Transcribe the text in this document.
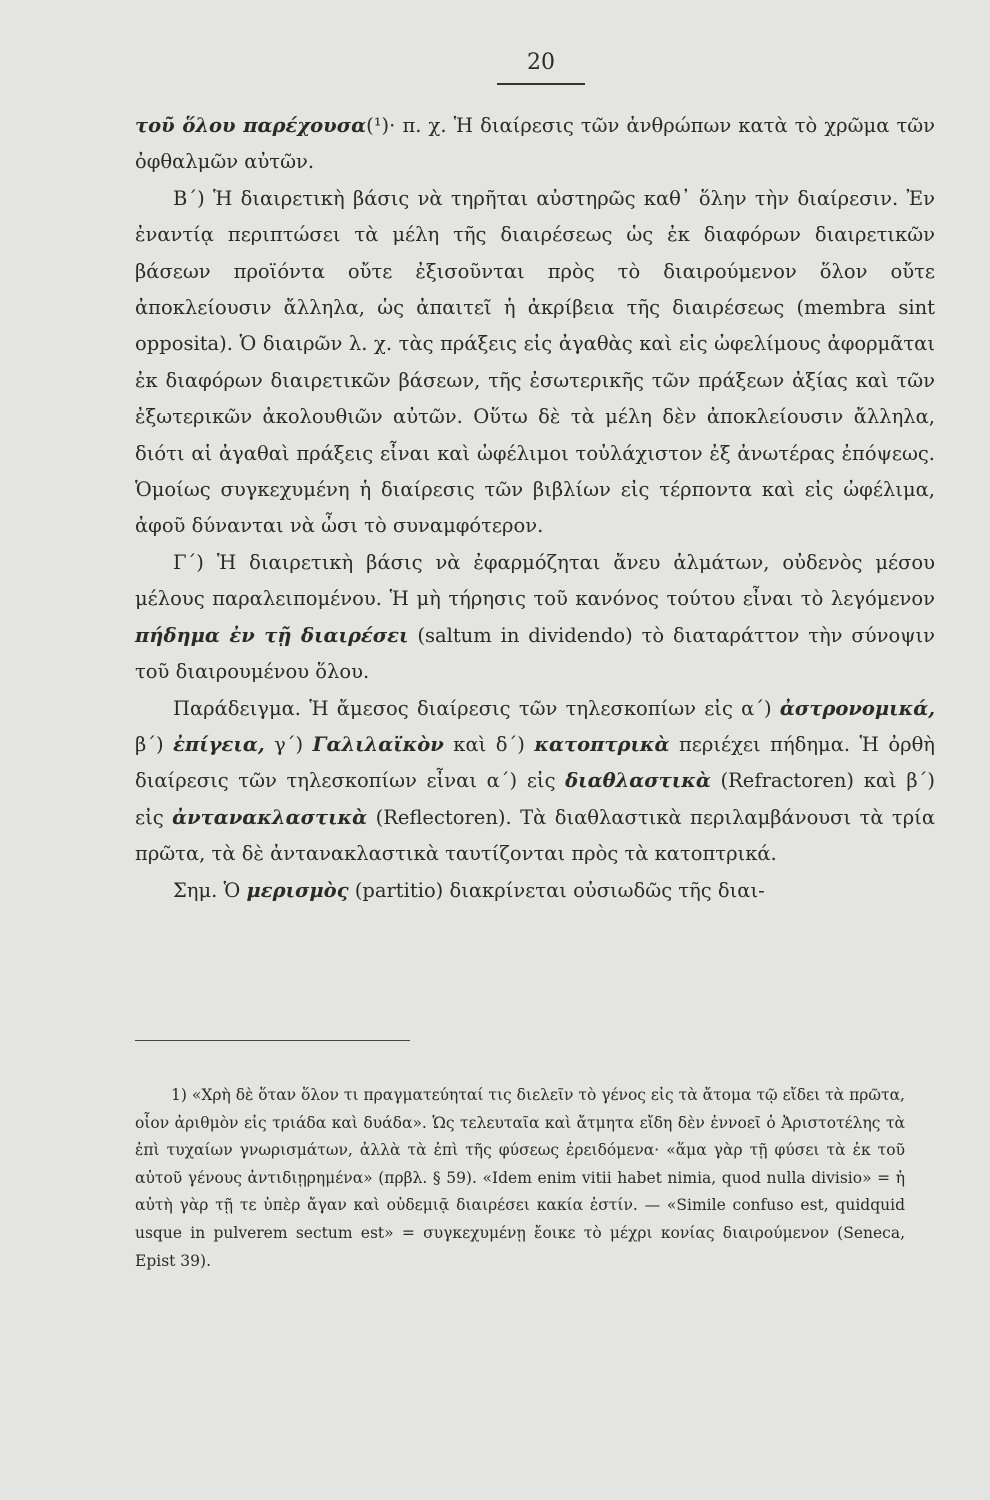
20

τοῦ ὅλου παρέχουσα(¹)· π. χ. Ἡ διαίρεσις τῶν ἀνθρώπων κατὰ τὸ χρῶμα τῶν ὀφθαλμῶν αὐτῶν.

Β΄) Ἡ διαιρετικὴ βάσις νὰ τηρῆται αὐστηρῶς καθ᾽ ὅλην τὴν διαίρεσιν. Ἐν ἐναντίᾳ περιπτώσει τὰ μέλη τῆς διαιρέσεως ὡς ἐκ διαφόρων διαιρετικῶν βάσεων προϊόντα οὔτε ἐξισοῦνται πρὸς τὸ διαιρούμενον ὅλον οὔτε ἀποκλείουσιν ἄλληλα, ὡς ἀπαιτεῖ ἡ ἀκρίβεια τῆς διαιρέσεως (membra sint opposita). Ὁ διαιρῶν λ. χ. τὰς πράξεις εἰς ἀγαθὰς καὶ εἰς ὠφελίμους ἀφορμᾶται ἐκ διαφόρων διαιρετικῶν βάσεων, τῆς ἐσωτερικῆς τῶν πράξεων ἀξίας καὶ τῶν ἐξωτερικῶν ἀκολουθιῶν αὐτῶν. Οὕτω δὲ τὰ μέλη δὲν ἀποκλείουσιν ἄλληλα, διότι αἱ ἀγαθαὶ πράξεις εἶναι καὶ ὠφέλιμοι τοὐλάχιστον ἐξ ἀνωτέρας ἐπόψεως. Ὁμοίως συγκεχυμένη ἡ διαίρεσις τῶν βιβλίων εἰς τέρποντα καὶ εἰς ὠφέλιμα, ἀφοῦ δύνανται νὰ ὦσι τὸ συναμφότερον.

Γ΄) Ἡ διαιρετικὴ βάσις νὰ ἐφαρμόζηται ἄνευ ἁλμάτων, οὐδενὸς μέσου μέλους παραλειπομένου. Ἡ μὴ τήρησις τοῦ κανόνος τούτου εἶναι τὸ λεγόμενον πήδημα ἐν τῇ διαιρέσει (saltum in dividendo) τὸ διαταράττον τὴν σύνοψιν τοῦ διαιρουμένου ὅλου.

Παράδειγμα. Ἡ ἄμεσος διαίρεσις τῶν τηλεσκοπίων εἰς α΄) ἀστρονομικά, β΄) ἐπίγεια, γ΄) Γαλιλαϊκὸν καὶ δ΄) κατοπτρικὰ περιέχει πήδημα. Ἡ ὀρθὴ διαίρεσις τῶν τηλεσκοπίων εἶναι α΄) εἰς διαθλαστικὰ (Refractoren) καὶ β΄) εἰς ἀντανακλαστικὰ (Reflectoren). Τὰ διαθλαστικὰ περιλαμβάνουσι τὰ τρία πρῶτα, τὰ δὲ ἀντανακλαστικὰ ταυτίζονται πρὸς τὰ κατοπτρικά.

Σημ. Ὁ μερισμὸς (partitio) διακρίνεται οὐσιωδῶς τῆς διαι-

1) «Χρὴ δὲ ὅταν ὅλον τι πραγματεύηταί τις διελεῖν τὸ γένος εἰς τὰ ἄτομα τῷ εἴδει τὰ πρῶτα, οἷον ἀριθμὸν εἰς τριάδα καὶ δυάδα». Ὡς τελευταῖα καὶ ἄτμητα εἴδη δὲν ἐννοεῖ ὁ Ἀριστοτέλης τὰ ἐπὶ τυχαίων γνωρισμάτων, ἀλλὰ τὰ ἐπὶ τῆς φύσεως ἐρειδόμενα· «ἅμα γὰρ τῇ φύσει τὰ ἐκ τοῦ αὐτοῦ γένους ἀντιδιῃρημένα» (πρβλ. § 59). «Idem enim vitii habet nimia, quod nulla divisio» = ἡ αὐτὴ γὰρ τῇ τε ὑπὲρ ἄγαν καὶ οὐδεμιᾷ διαιρέσει κακία ἐστίν. — «Simile confuso est, quidquid usque in pulverem sectum est» = συγκεχυμένῃ ἔοικε τὸ μέχρι κονίας διαιρούμενον (Seneca, Epist 39).
